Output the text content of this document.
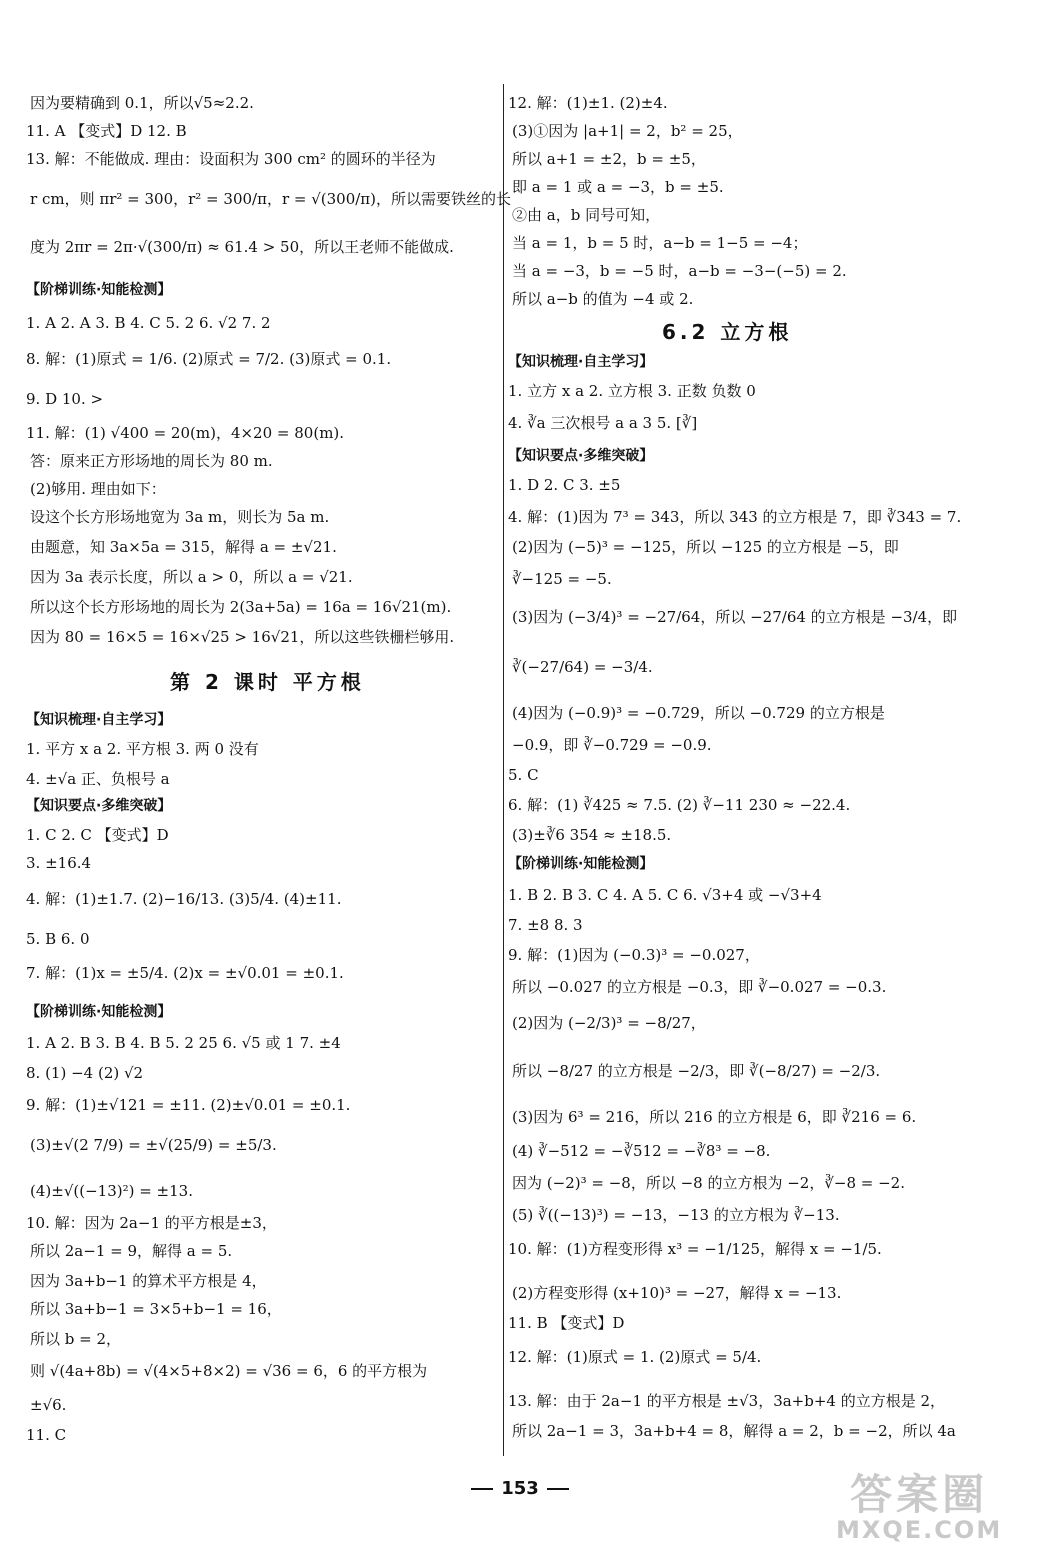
因为要精确到 0.1，所以√5≈2.2.
11. A 【变式】D 12. B
13. 解：不能做成. 理由：设面积为 300 cm² 的圆环的半径为
r cm，则 πr² = 300，r² = 300/π，r = √(300/π)，所以需要铁丝的长
度为 2πr = 2π·√(300/π) ≈ 61.4 > 50，所以王老师不能做成.
【阶梯训练·知能检测】
1. A 2. A 3. B 4. C 5. 2 6. √2 7. 2
8. 解：(1)原式 = 1/6. (2)原式 = 7/2. (3)原式 = 0.1.
9. D 10. >
11. 解：(1) √400 = 20(m)，4×20 = 80(m).
答：原来正方形场地的周长为 80 m.
(2)够用. 理由如下：
设这个长方形场地宽为 3a m，则长为 5a m.
由题意，知 3a×5a = 315，解得 a = ±√21.
因为 3a 表示长度，所以 a > 0，所以 a = √21.
所以这个长方形场地的周长为 2(3a+5a) = 16a = 16√21(m).
因为 80 = 16×5 = 16×√25 > 16√21，所以这些铁栅栏够用.
第 2 课时 平方根
【知识梳理·自主学习】
1. 平方 x a 2. 平方根 3. 两 0 没有
4. ±√a 正、负根号 a
【知识要点·多维突破】
1. C 2. C 【变式】D
3. ±16.4
4. 解：(1)±1.7. (2)−16/13. (3)5/4. (4)±11.
5. B 6. 0
7. 解：(1)x = ±5/4. (2)x = ±√0.01 = ±0.1.
【阶梯训练·知能检测】
1. A 2. B 3. B 4. B 5. 2 25 6. √5 或 1 7. ±4
8. (1) −4 (2) √2
9. 解：(1)±√121 = ±11. (2)±√0.01 = ±0.1.
(3)±√(2 7/9) = ±√(25/9) = ±5/3.
(4)±√((−13)²) = ±13.
10. 解：因为 2a−1 的平方根是±3，
所以 2a−1 = 9，解得 a = 5.
因为 3a+b−1 的算术平方根是 4，
所以 3a+b−1 = 3×5+b−1 = 16，
所以 b = 2，
则 √(4a+8b) = √(4×5+8×2) = √36 = 6，6 的平方根为
±√6.
11. C
12. 解：(1)±1. (2)±4.
(3)①因为 |a+1| = 2，b² = 25，
所以 a+1 = ±2，b = ±5，
即 a = 1 或 a = −3，b = ±5.
②由 a，b 同号可知，
当 a = 1，b = 5 时，a−b = 1−5 = −4；
当 a = −3，b = −5 时，a−b = −3−(−5) = 2.
所以 a−b 的值为 −4 或 2.
6.2 立方根
【知识梳理·自主学习】
1. 立方 x a 2. 立方根 3. 正数 负数 0
4. ∛a 三次根号 a a 3 5. [∛]
【知识要点·多维突破】
1. D 2. C 3. ±5
4. 解：(1)因为 7³ = 343，所以 343 的立方根是 7，即 ∛343 = 7.
(2)因为 (−5)³ = −125，所以 −125 的立方根是 −5，即
∛−125 = −5.
(3)因为 (−3/4)³ = −27/64，所以 −27/64 的立方根是 −3/4，即
∛(−27/64) = −3/4.
(4)因为 (−0.9)³ = −0.729，所以 −0.729 的立方根是
−0.9，即 ∛−0.729 = −0.9.
5. C
6. 解：(1) ∛425 ≈ 7.5. (2) ∛−11 230 ≈ −22.4.
(3)±∛6 354 ≈ ±18.5.
【阶梯训练·知能检测】
1. B 2. B 3. C 4. A 5. C 6. √3+4 或 −√3+4
7. ±8 8. 3
9. 解：(1)因为 (−0.3)³ = −0.027，
所以 −0.027 的立方根是 −0.3，即 ∛−0.027 = −0.3.
(2)因为 (−2/3)³ = −8/27，
所以 −8/27 的立方根是 −2/3，即 ∛(−8/27) = −2/3.
(3)因为 6³ = 216，所以 216 的立方根是 6，即 ∛216 = 6.
(4) ∛−512 = −∛512 = −∛8³ = −8.
因为 (−2)³ = −8，所以 −8 的立方根为 −2，∛−8 = −2.
(5) ∛((−13)³) = −13，−13 的立方根为 ∛−13.
10. 解：(1)方程变形得 x³ = −1/125，解得 x = −1/5.
(2)方程变形得 (x+10)³ = −27，解得 x = −13.
11. B 【变式】D
12. 解：(1)原式 = 1. (2)原式 = 5/4.
13. 解：由于 2a−1 的平方根是 ±√3，3a+b+4 的立方根是 2，
所以 2a−1 = 3，3a+b+4 = 8，解得 a = 2，b = −2，所以 4a
153	答案圈
MXQE.COM
